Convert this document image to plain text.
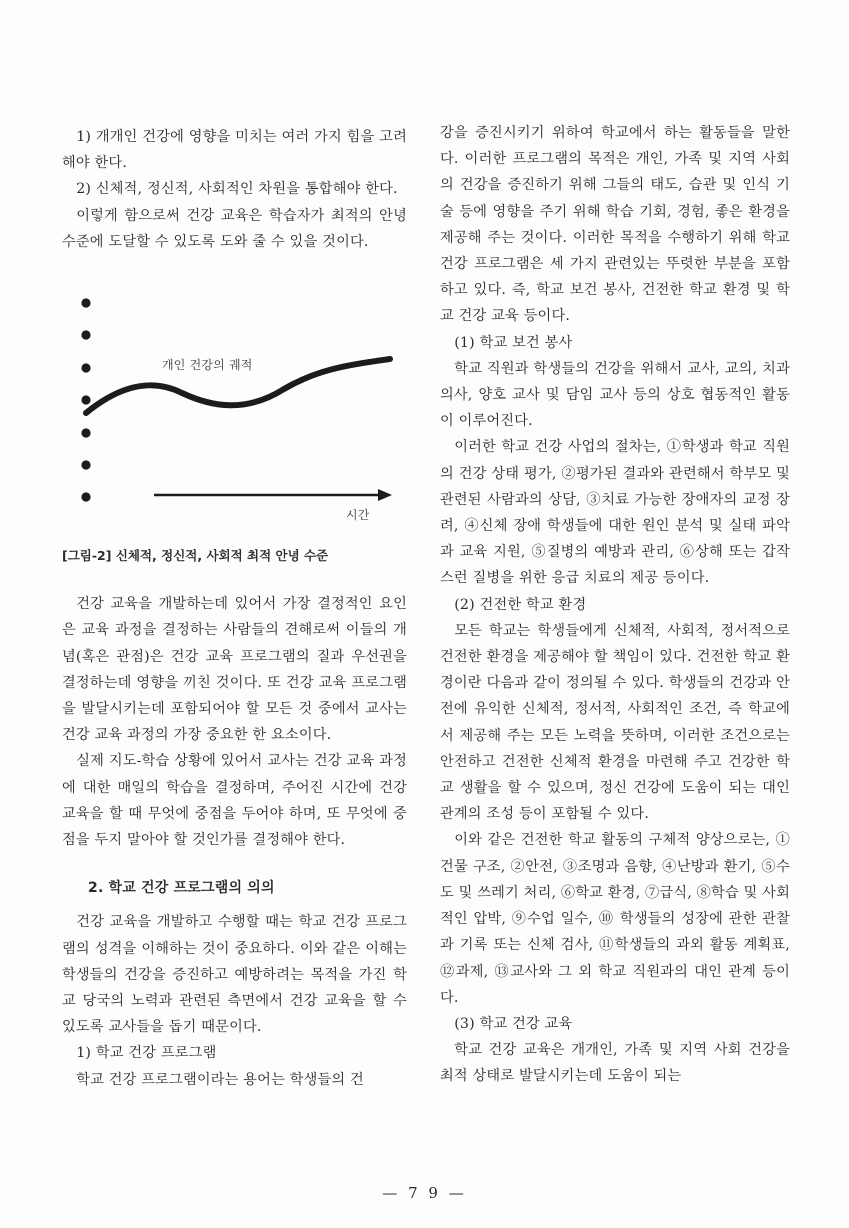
1) 개개인 건강에 영향을 미치는 여러 가지 힘을 고려해야 한다.

2) 신체적, 정신적, 사회적인 차원을 통합해야 한다.

이렇게 함으로써 건강 교육은 학습자가 최적의 안녕 수준에 도달할 수 있도록 도와 줄 수 있을 것이다.

개인 건강의 궤적
시간
[그림-2] 신체적, 정신적, 사회적 최적 안녕 수준

건강 교육을 개발하는데 있어서 가장 결정적인 요인은 교육 과정을 결정하는 사람들의 견해로써 이들의 개념(혹은 관점)은 건강 교육 프로그램의 질과 우선권을 결정하는데 영향을 끼친 것이다. 또 건강 교육 프로그램을 발달시키는데 포함되어야 할 모든 것 중에서 교사는 건강 교육 과정의 가장 중요한 한 요소이다.

실제 지도-학습 상황에 있어서 교사는 건강 교육 과정에 대한 매일의 학습을 결정하며, 주어진 시간에 건강 교육을 할 때 무엇에 중점을 두어야 하며, 또 무엇에 중점을 두지 말아야 할 것인가를 결정해야 한다.

2. 학교 건강 프로그램의 의의

건강 교육을 개발하고 수행할 때는 학교 건강 프로그램의 성격을 이해하는 것이 중요하다. 이와 같은 이해는 학생들의 건강을 증진하고 예방하려는 목적을 가진 학교 당국의 노력과 관련된 측면에서 건강 교육을 할 수 있도록 교사들을 돕기 때문이다.

1) 학교 건강 프로그램

학교 건강 프로그램이라는 용어는 학생들의 건

강을 증진시키기 위하여 학교에서 하는 활동들을 말한다. 이러한 프로그램의 목적은 개인, 가족 및 지역 사회의 건강을 증진하기 위해 그들의 태도, 습관 및 인식 기술 등에 영향을 주기 위해 학습 기회, 경험, 좋은 환경을 제공해 주는 것이다. 이러한 목적을 수행하기 위해 학교 건강 프로그램은 세 가지 관련있는 뚜렷한 부분을 포함하고 있다. 즉, 학교 보건 봉사, 건전한 학교 환경 및 학교 건강 교육 등이다.

(1) 학교 보건 봉사

학교 직원과 학생들의 건강을 위해서 교사, 교의, 치과 의사, 양호 교사 및 담임 교사 등의 상호 협동적인 활동이 이루어진다.

이러한 학교 건강 사업의 절차는, ①학생과 학교 직원의 건강 상태 평가, ②평가된 결과와 관련해서 학부모 및 관련된 사람과의 상담, ③치료 가능한 장애자의 교정 장려, ④신체 장애 학생들에 대한 원인 분석 및 실태 파악과 교육 지원, ⑤질병의 예방과 관리, ⑥상해 또는 갑작스런 질병을 위한 응급 치료의 제공 등이다.

(2) 건전한 학교 환경

모든 학교는 학생들에게 신체적, 사회적, 정서적으로 건전한 환경을 제공해야 할 책임이 있다. 건전한 학교 환경이란 다음과 같이 정의될 수 있다. 학생들의 건강과 안전에 유익한 신체적, 정서적, 사회적인 조건, 즉 학교에서 제공해 주는 모든 노력을 뜻하며, 이러한 조건으로는 안전하고 건전한 신체적 환경을 마련해 주고 건강한 학교 생활을 할 수 있으며, 정신 건강에 도움이 되는 대인 관계의 조성 등이 포함될 수 있다.

이와 같은 건전한 학교 활동의 구체적 양상으로는, ①건물 구조, ②안전, ③조명과 음향, ④난방과 환기, ⑤수도 및 쓰레기 처리, ⑥학교 환경, ⑦급식, ⑧학습 및 사회적인 압박, ⑨수업 일수, ⑩ 학생들의 성장에 관한 관찰과 기록 또는 신체 검사, ⑪학생들의 과외 활동 계획표, ⑫과제, ⑬교사와 그 외 학교 직원과의 대인 관계 등이다.

(3) 학교 건강 교육

학교 건강 교육은 개개인, 가족 및 지역 사회 건강을 최적 상태로 발달시키는데 도움이 되는

— 7 9 —
